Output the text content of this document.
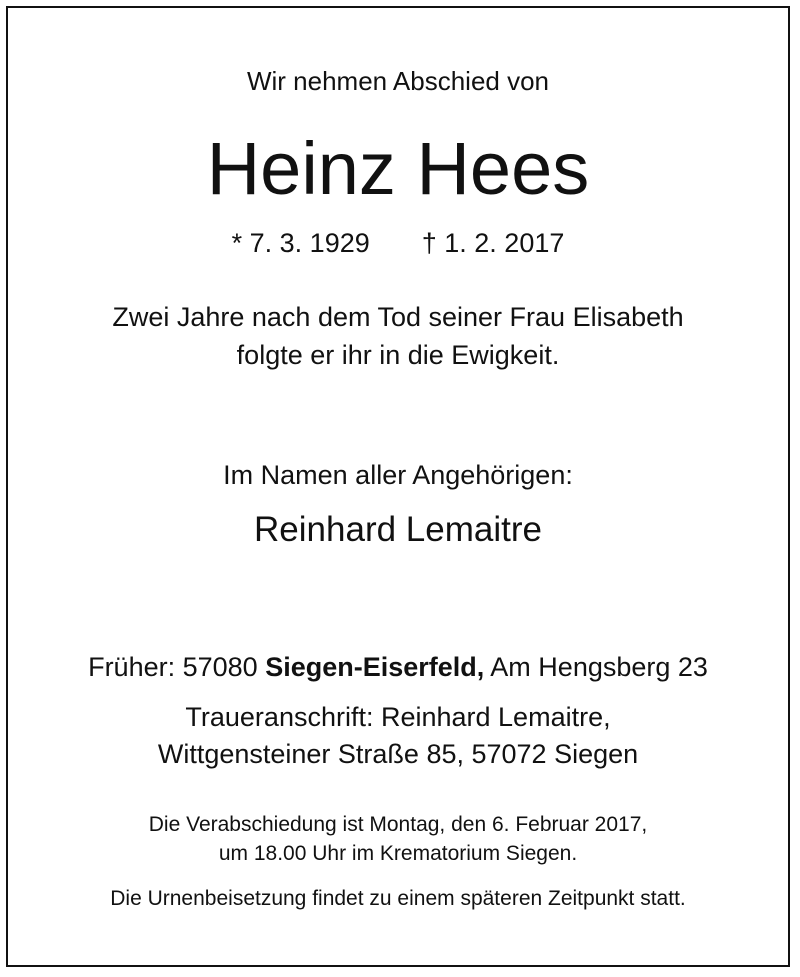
Wir nehmen Abschied von
Heinz Hees
* 7. 3. 1929 † 1. 2. 2017
Zwei Jahre nach dem Tod seiner Frau Elisabeth
folgte er ihr in die Ewigkeit.
Im Namen aller Angehörigen:
Reinhard Lemaitre
Früher: 57080 Siegen-Eiserfeld, Am Hengsberg 23
Traueranschrift: Reinhard Lemaitre,
Wittgensteiner Straße 85, 57072 Siegen
Die Verabschiedung ist Montag, den 6. Februar 2017,
um 18.00 Uhr im Krematorium Siegen.
Die Urnenbeisetzung findet zu einem späteren Zeitpunkt statt.
